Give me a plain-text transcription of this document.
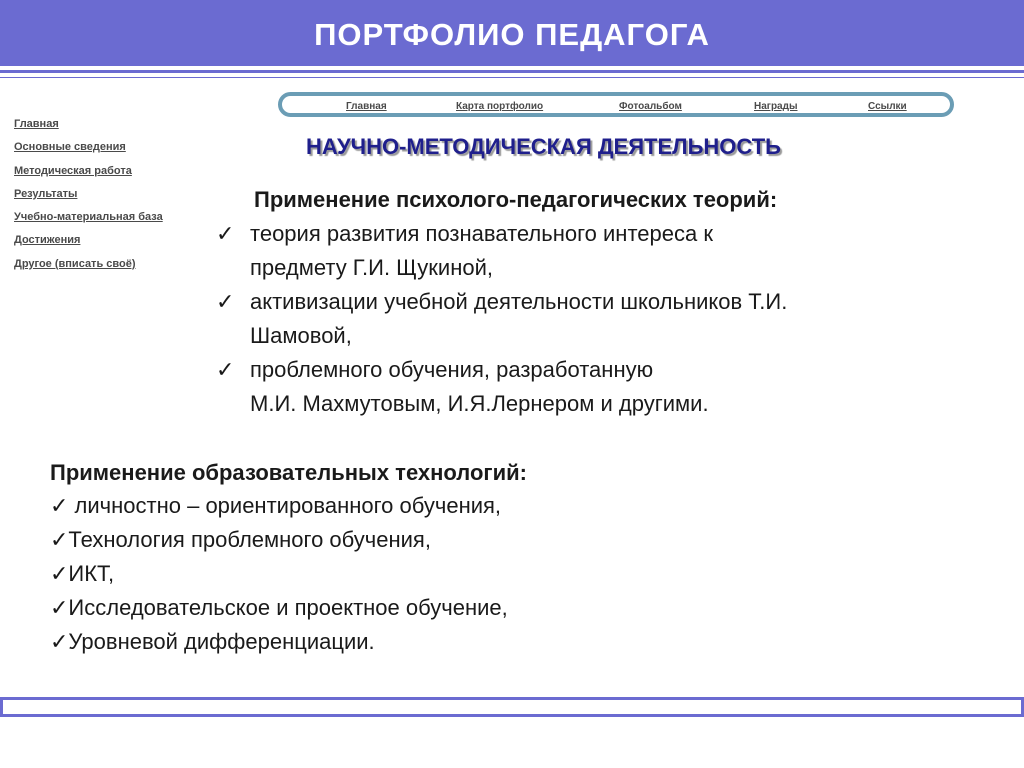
ПОРТФОЛИО ПЕДАГОГА
Главная	Карта портфолио	Фотоальбом	Награды	Ссылки
Главная
Основные сведения
Методическая работа
Результаты
Учебно-материальная база
Достижения
Другое (вписать своё)
НАУЧНО-МЕТОДИЧЕСКАЯ ДЕЯТЕЛЬНОСТЬ
Применение психолого-педагогических теорий:
✓ теория развития познавательного интереса к
предмету Г.И. Щукиной,
✓ активизации учебной деятельности школьников Т.И.
Шамовой,
✓ проблемного обучения, разработанную
М.И. Махмутовым, И.Я.Лернером и другими.
Применение образовательных технологий:
✓ личностно – ориентированного обучения,
✓Технология проблемного обучения,
✓ИКТ,
✓Исследовательское и проектное обучение,
✓Уровневой дифференциации.
